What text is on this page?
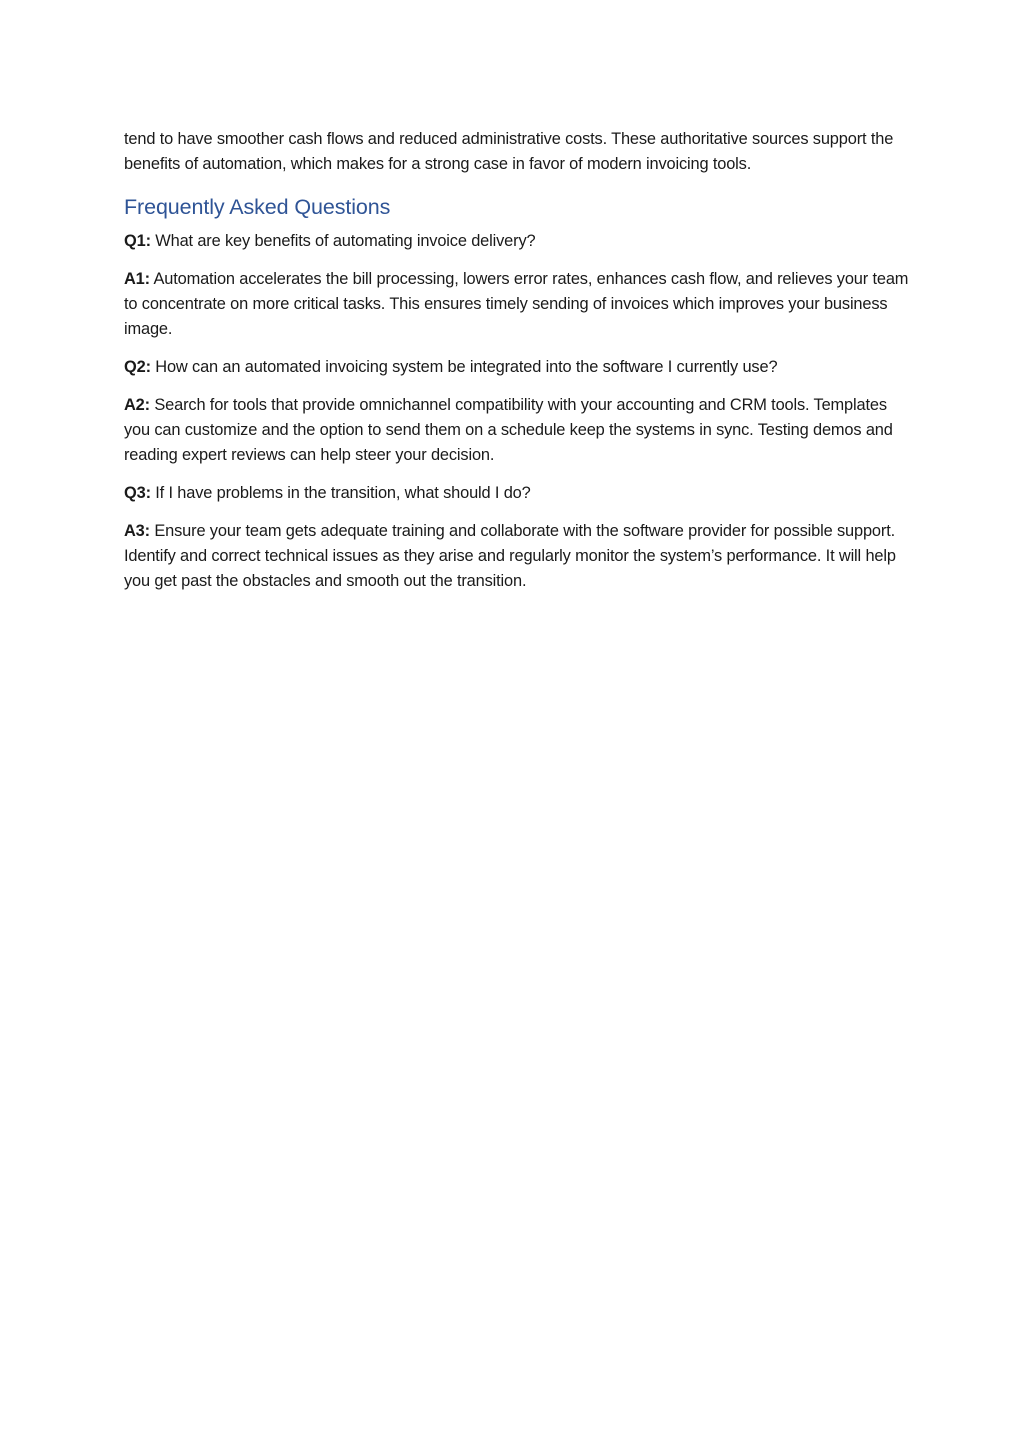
tend to have smoother cash flows and reduced administrative costs. These authoritative sources support the benefits of automation, which makes for a strong case in favor of modern invoicing tools.

Frequently Asked Questions

Q1: What are key benefits of automating invoice delivery?

A1: Automation accelerates the bill processing, lowers error rates, enhances cash flow, and relieves your team to concentrate on more critical tasks. This ensures timely sending of invoices which improves your business image.

Q2: How can an automated invoicing system be integrated into the software I currently use?

A2: Search for tools that provide omnichannel compatibility with your accounting and CRM tools. Templates you can customize and the option to send them on a schedule keep the systems in sync. Testing demos and reading expert reviews can help steer your decision.

Q3: If I have problems in the transition, what should I do?

A3: Ensure your team gets adequate training and collaborate with the software provider for possible support. Identify and correct technical issues as they arise and regularly monitor the system’s performance. It will help you get past the obstacles and smooth out the transition.
